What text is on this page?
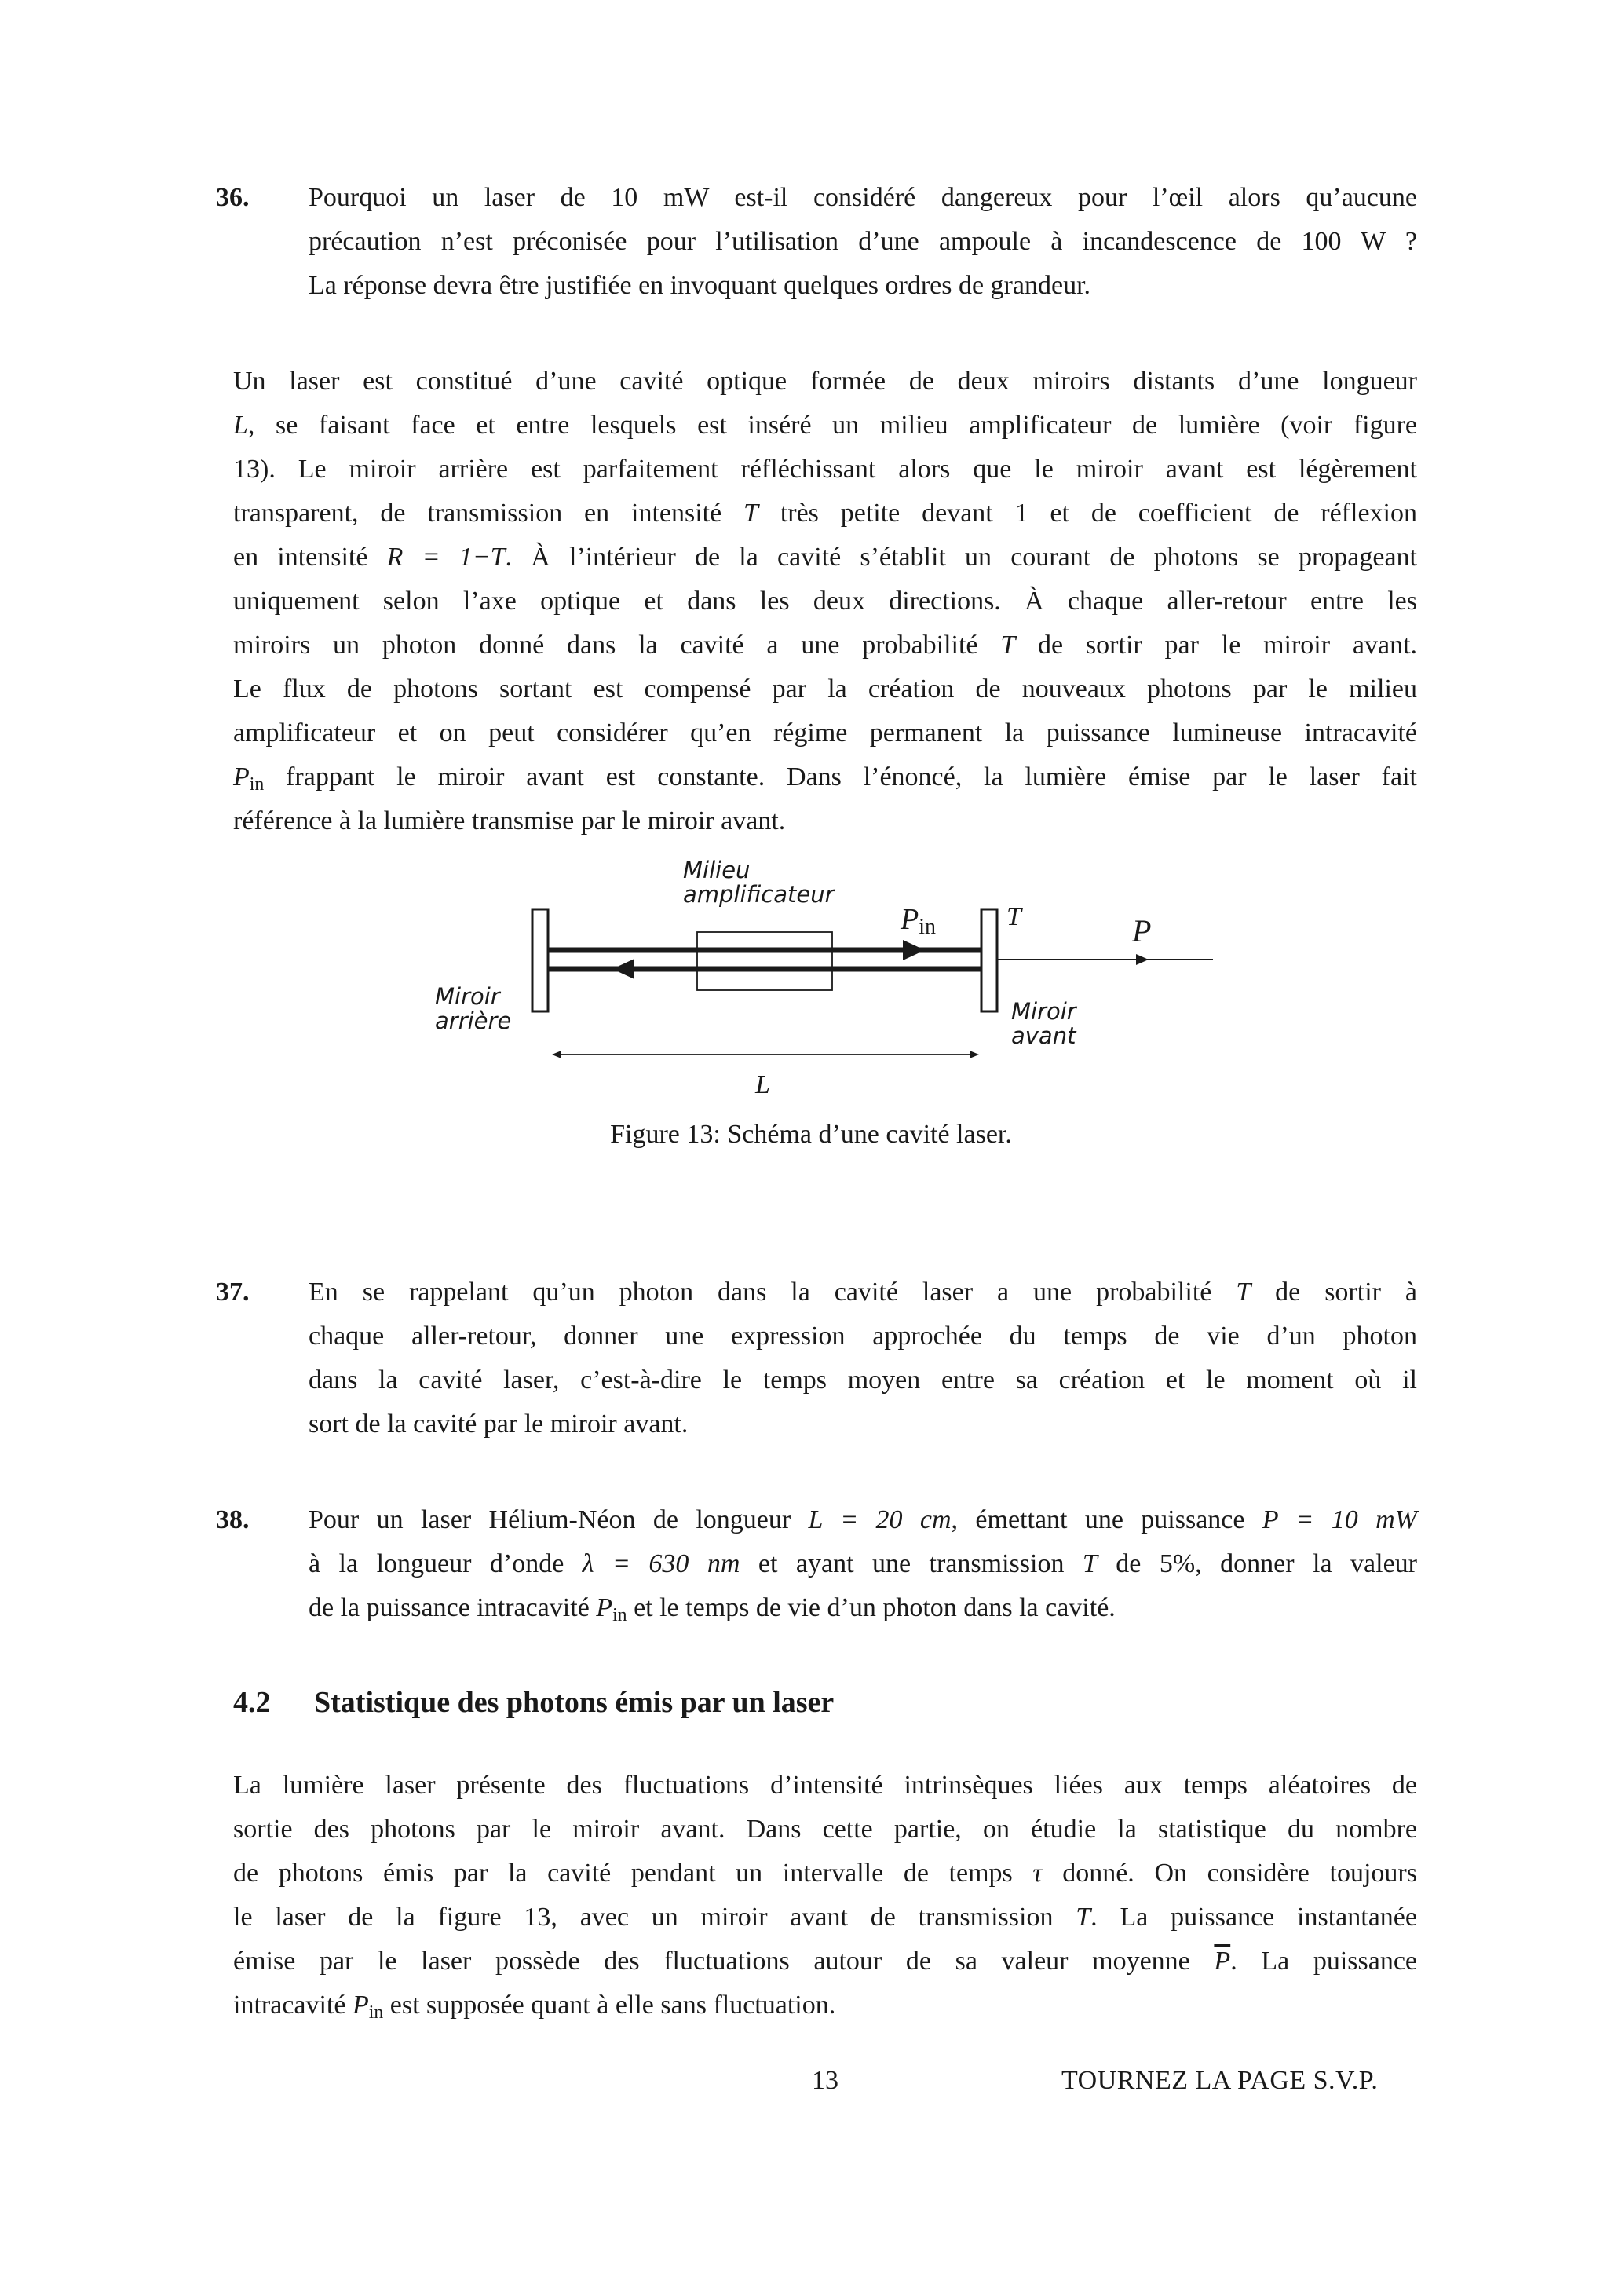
36. Pourquoi un laser de 10 mW est-il considéré dangereux pour l’œil alors qu’aucune
précaution n’est préconisée pour l’utilisation d’une ampoule à incandescence de 100 W ?
La réponse devra être justifiée en invoquant quelques ordres de grandeur.
Un laser est constitué d’une cavité optique formée de deux miroirs distants d’une longueur
L, se faisant face et entre lesquels est inséré un milieu amplificateur de lumière (voir figure
13). Le miroir arrière est parfaitement réfléchissant alors que le miroir avant est légèrement
transparent, de transmission en intensité T très petite devant 1 et de coefficient de réflexion
en intensité R = 1−T. À l’intérieur de la cavité s’établit un courant de photons se propageant
uniquement selon l’axe optique et dans les deux directions. À chaque aller-retour entre les
miroirs un photon donné dans la cavité a une probabilité T de sortir par le miroir avant.
Le flux de photons sortant est compensé par la création de nouveaux photons par le milieu
amplificateur et on peut considérer qu’en régime permanent la puissance lumineuse intracavité
$P_{in}$ frappant le miroir avant est constante. Dans l’énoncé, la lumière émise par le laser fait
référence à la lumière transmise par le miroir avant.
Milieu
amplificateur
Pin	T	P
Miroir
arrière	Miroir
avant
L
Figure 13: Schéma d’une cavité laser.
37. En se rappelant qu’un photon dans la cavité laser a une probabilité T de sortir à
chaque aller-retour, donner une expression approchée du temps de vie d’un photon
dans la cavité laser, c’est-à-dire le temps moyen entre sa création et le moment où il
sort de la cavité par le miroir avant.
38. Pour un laser Hélium-Néon de longueur L = 20 cm, émettant une puissance P = 10 mW
à la longueur d’onde λ = 630 nm et ayant une transmission T de 5%, donner la valeur
de la puissance intracavité $P_{in}$ et le temps de vie d’un photon dans la cavité.
4.2 Statistique des photons émis par un laser
La lumière laser présente des fluctuations d’intensité intrinsèques liées aux temps aléatoires de
sortie des photons par le miroir avant. Dans cette partie, on étudie la statistique du nombre
de photons émis par la cavité pendant un intervalle de temps τ donné. On considère toujours
le laser de la figure 13, avec un miroir avant de transmission T. La puissance instantanée
émise par le laser possède des fluctuations autour de sa valeur moyenne $\overline{P}$. La puissance
intracavité $P_{in}$ est supposée quant à elle sans fluctuation.
13	TOURNEZ LA PAGE S.V.P.
